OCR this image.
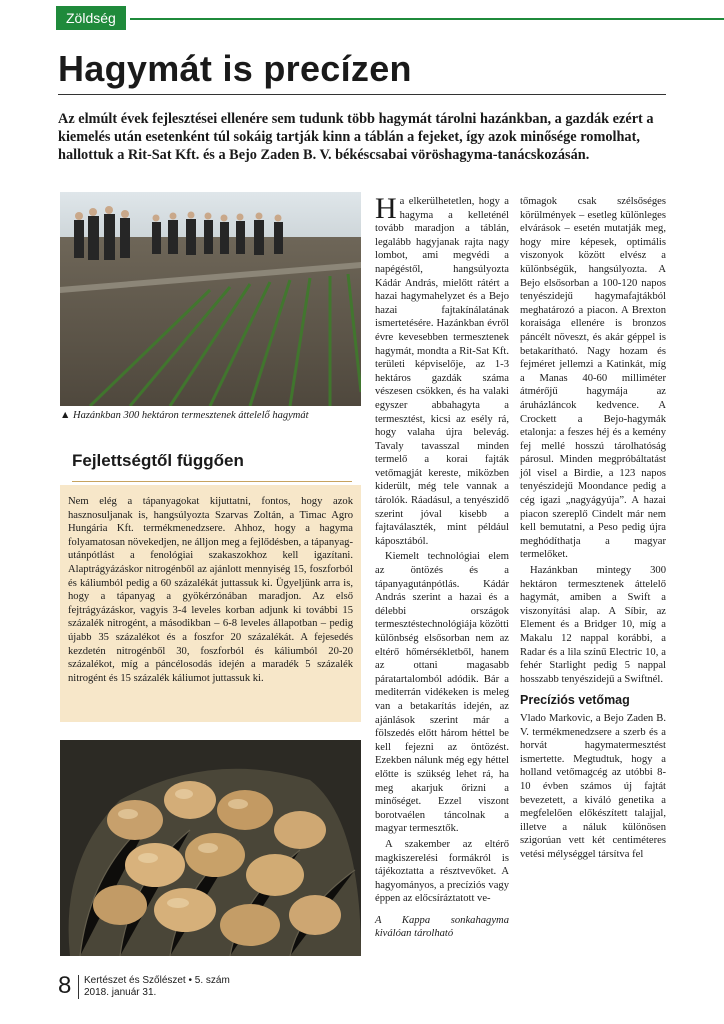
Zöldség
Hagymát is precízen

Az elmúlt évek fejlesztései ellenére sem tudunk több hagymát tárolni hazánkban, a gazdák ezért a kiemelés után esetenként túl sokáig tartják kinn a táblán a fejeket, így azok minősége romolhat, hallottuk a Rit-Sat Kft. és a Bejo Zaden B. V. békéscsabai vöröshagyma-tanácskozásán.

▲ Hazánkban 300 hektáron termesztenek áttelelő hagymát
Fejlettségtől függően

Nem elég a tápanyagokat kijuttatni, fontos, hogy azok hasznosuljanak is, hangsúlyozta Szarvas Zoltán, a Timac Agro Hungária Kft. termékmenedzsere. Ahhoz, hogy a hagyma folyamatosan növekedjen, ne álljon meg a fejlődésben, a tápanyag-utánpótlást a fenológiai szakaszokhoz kell igazítani. Alaptrágyázáskor nitrogénből az ajánlott mennyiség 15, foszforból és káliumból pedig a 60 százalékát juttassuk ki. Ügyeljünk arra is, hogy a tápanyag a gyökérzónában maradjon. Az első fejtrágyázáskor, vagyis 3-4 leveles korban adjunk ki további 15 százalék nitrogént, a másodikban – 6-8 leveles állapotban – pedig újabb 35 százalékot és a foszfor 20 százalékát. A fejesedés kezdetén nitrogénből 30, foszforból és káliumból 20-20 százalékot, míg a páncélosodás idején a maradék 5 százalék nitrogént és 15 százalék káliumot juttassuk ki.

Ha elkerülhetetlen, hogy a hagyma a kelleténél tovább maradjon a táblán, legalább hagyjanak rajta nagy lombot, ami megvédi a napégéstől, hangsúlyozta Kádár András, mielőtt rátért a hazai hagymahelyzet és a Bejo hazai fajtakínálatának ismertetésére. Hazánkban évről évre kevesebben termesztenek hagymát, mondta a Rit-Sat Kft. területi képviselője, az 1-3 hektáros gazdák száma vészesen csökken, és ha valaki egyszer abbahagyta a termesztést, kicsi az esély rá, hogy valaha újra belevág. Tavaly tavasszal minden termelő a korai fajták vetőmagját kereste, miközben kiderült, még tele vannak a tárolók. Ráadásul, a tenyészidő szerint jóval kisebb a fajtaválaszték, mint például káposztából.

Kiemelt technológiai elem az öntözés és a tápanyagutánpótlás. Kádár András szerint a hazai és a délebbi országok termesztéstechnológiája közötti különbség elsősorban nem az eltérő hőmérsékletből, hanem az ottani magasabb páratartalomból adódik. Bár a mediterrán vidékeken is meleg van a betakarítás idején, az ajánlások szerint már a fölszedés előtt három héttel be kell fejezni az öntözést. Ezekben nálunk még egy héttel előtte is szükség lehet rá, ha meg akarjuk őrizni a minőséget. Ezzel viszont borotvaélen táncolnak a magyar termesztők.

A szakember az eltérő magkiszerelési formákról is tájékoztatta a résztvevőket. A hagyományos, a precíziós vagy éppen az előcsíráztatott ve-

A Kappa sonkahagyma kiválóan tárolható

tőmagok csak szélsőséges körülmények – esetleg különleges elvárások – esetén mutatják meg, hogy mire képesek, optimális viszonyok között elvész a különbségük, hangsúlyozta. A Bejo elsősorban a 100-120 napos tenyészidejű hagymafajtákból meghatározó a piacon. A Brexton koraisága ellenére is bronzos páncélt növeszt, és akár géppel is betakarítható. Nagy hozam és fejméret jellemzi a Katinkát, míg a Manas 40-60 milliméter átmérőjű hagymája az áruházláncok kedvence. A Crockett a Bejo-hagymák etalonja: a feszes héj és a kemény fej mellé hosszú tárolhatóság párosul. Minden megpróbáltatást jól visel a Birdie, a 123 napos tenyészidejű Moondance pedig a cég igazi „nagyágyúja”. A hazai piacon szereplő Cindelt már nem kell bemutatni, a Peso pedig újra meghódíthatja a magyar termelőket.

Hazánkban mintegy 300 hektáron termesztenek áttelelő hagymát, amiben a Swift a viszonyítási alap. A Síbir, az Element és a Bridger 10, míg a Makalu 12 nappal korábbi, a Radar és a lila színű Electric 10, a fehér Starlight pedig 5 nappal hosszabb tenyészidejű a Swiftnél.

Precíziós vetőmag

Vlado Markovic, a Bejo Zaden B. V. termékmenedzsere a szerb és a horvát hagymatermesztést ismertette. Megtudtuk, hogy a holland vetőmagcég az utóbbi 8-10 évben számos új fajtát bevezetett, a kiváló genetika a megfelelően előkészített talajjal, illetve a náluk különösen szigorúan vett két centiméteres vetési mélységgel társítva fel

8 Kertészet és Szőlészet • 5. szám
2018. január 31.
